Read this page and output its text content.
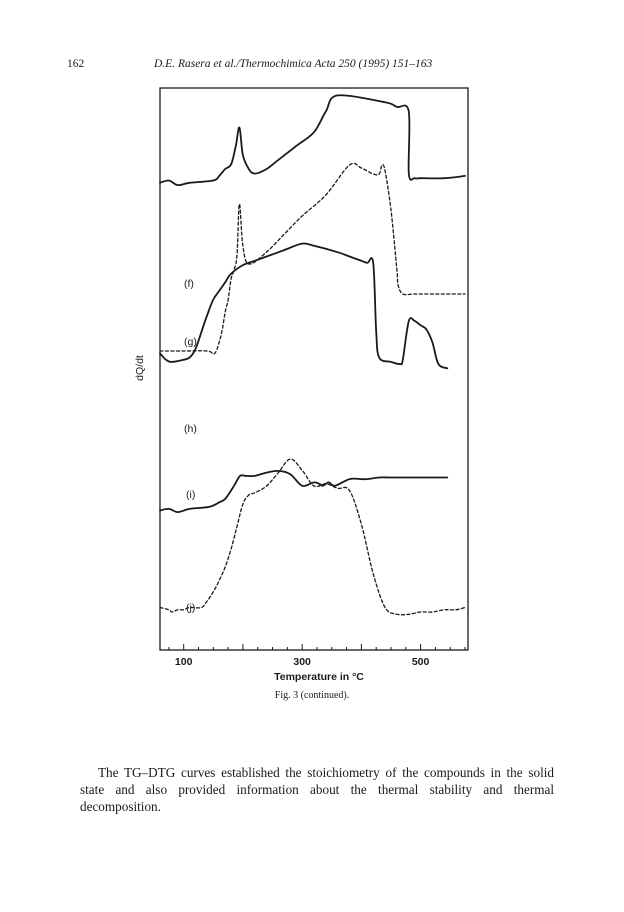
162	D.E. Rasera et al./Thermochimica Acta 250 (1995) 151–163
100	300	500
Temperature in °C
dQ/dt
(f)
(g)
(h)
(i)
(j)
Fig. 3 (continued).

The TG–DTG curves established the stoichiometry of the compounds in the solid state and also provided information about the thermal stability and thermal decomposition.
